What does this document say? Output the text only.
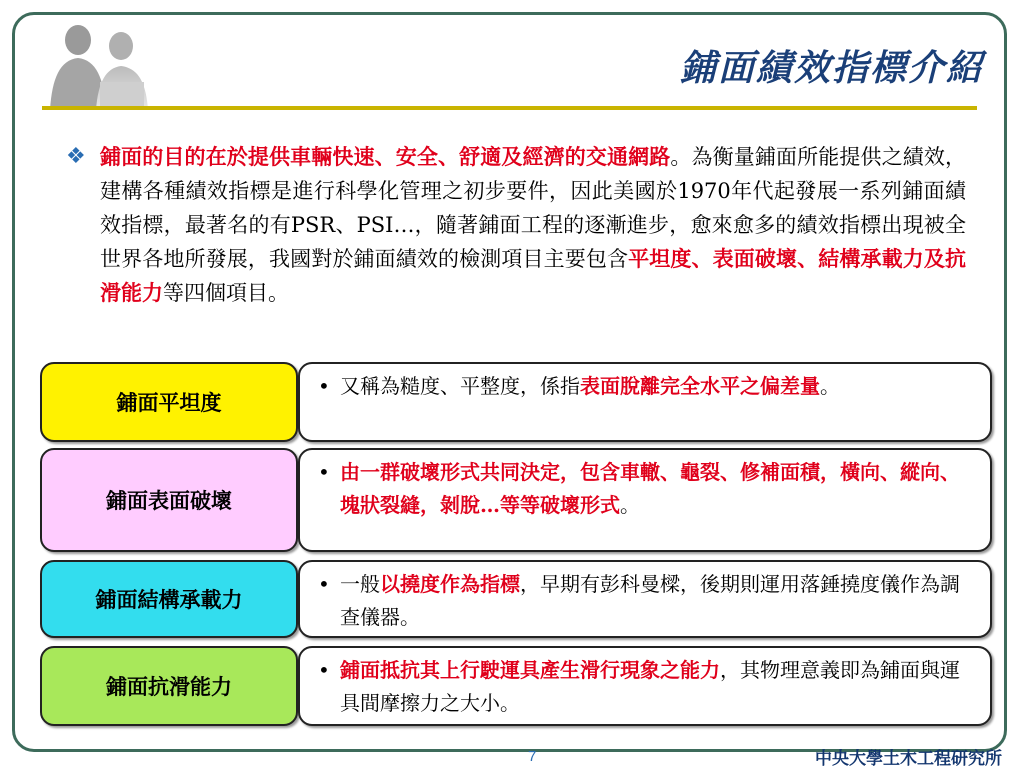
鋪面績效指標介紹
❖ 鋪面的目的在於提供車輛快速、安全、舒適及經濟的交通網路。為衡量鋪面所能提供之績效，建構各種績效指標是進行科學化管理之初步要件，因此美國於1970年代起發展一系列鋪面績效指標，最著名的有PSR、PSI…，隨著鋪面工程的逐漸進步，愈來愈多的績效指標出現被全世界各地所發展，我國對於鋪面績效的檢測項目主要包含平坦度、表面破壞、結構承載力及抗滑能力等四個項目。

鋪面平坦度
• 又稱為糙度、平整度，係指表面脫離完全水平之偏差量。
鋪面表面破壞
• 由一群破壞形式共同決定，包含車轍、龜裂、修補面積，橫向、縱向、塊狀裂縫，剝脫…等等破壞形式。
鋪面結構承載力
• 一般以撓度作為指標，早期有彭科曼樑，後期則運用落錘撓度儀作為調查儀器。
鋪面抗滑能力
• 鋪面抵抗其上行駛運具產生滑行現象之能力，其物理意義即為鋪面與運具間摩擦力之大小。
7	中央大學土木工程研究所
